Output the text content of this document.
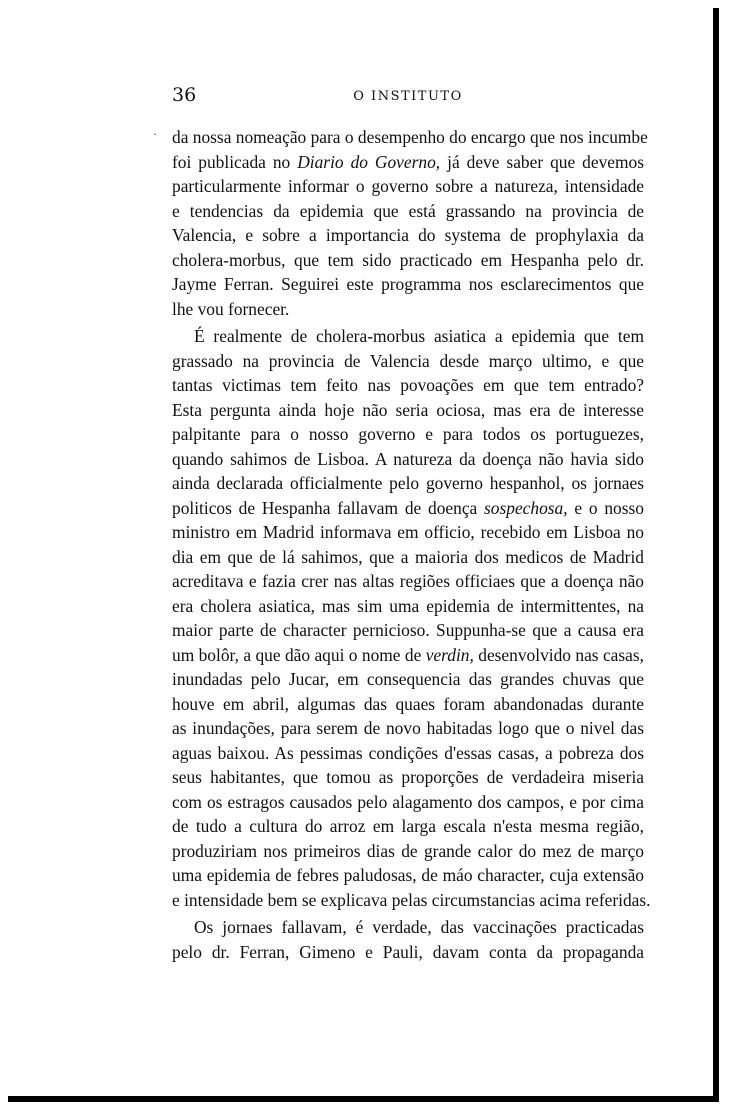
36	O INSTITUTO
· da nossa nomeação para o desempenho do encargo que nos incumbe
foi publicada no Diario do Governo, já deve saber que devemos
particularmente informar o governo sobre a natureza, intensidade
e tendencias da epidemia que está grassando na provincia de
Valencia, e sobre a importancia do systema de prophylaxia da
cholera-morbus, que tem sido practicado em Hespanha pelo dr.
Jayme Ferran. Seguirei este programma nos esclarecimentos que
lhe vou fornecer.
É realmente de cholera-morbus asiatica a epidemia que tem
grassado na provincia de Valencia desde março ultimo, e que
tantas victimas tem feito nas povoações em que tem entrado?
Esta pergunta ainda hoje não seria ociosa, mas era de interesse
palpitante para o nosso governo e para todos os portuguezes,
quando sahimos de Lisboa. A natureza da doença não havia sido
ainda declarada officialmente pelo governo hespanhol, os jornaes
politicos de Hespanha fallavam de doença sospechosa, e o nosso
ministro em Madrid informava em officio, recebido em Lisboa no
dia em que de lá sahimos, que a maioria dos medicos de Madrid
acreditava e fazia crer nas altas regiões officiaes que a doença não
era cholera asiatica, mas sim uma epidemia de intermittentes, na
maior parte de character pernicioso. Suppunha-se que a causa era
um bolôr, a que dão aqui o nome de verdin, desenvolvido nas casas,
inundadas pelo Jucar, em consequencia das grandes chuvas que
houve em abril, algumas das quaes foram abandonadas durante
as inundações, para serem de novo habitadas logo que o nivel das
aguas baixou. As pessimas condições d'essas casas, a pobreza dos
seus habitantes, que tomou as proporções de verdadeira miseria
com os estragos causados pelo alagamento dos campos, e por cima
de tudo a cultura do arroz em larga escala n'esta mesma região,
produziriam nos primeiros dias de grande calor do mez de março
uma epidemia de febres paludosas, de máo character, cuja extensão
e intensidade bem se explicava pelas circumstancias acima referidas.
Os jornaes fallavam, é verdade, das vaccinações practicadas
pelo dr. Ferran, Gimeno e Pauli, davam conta da propaganda
